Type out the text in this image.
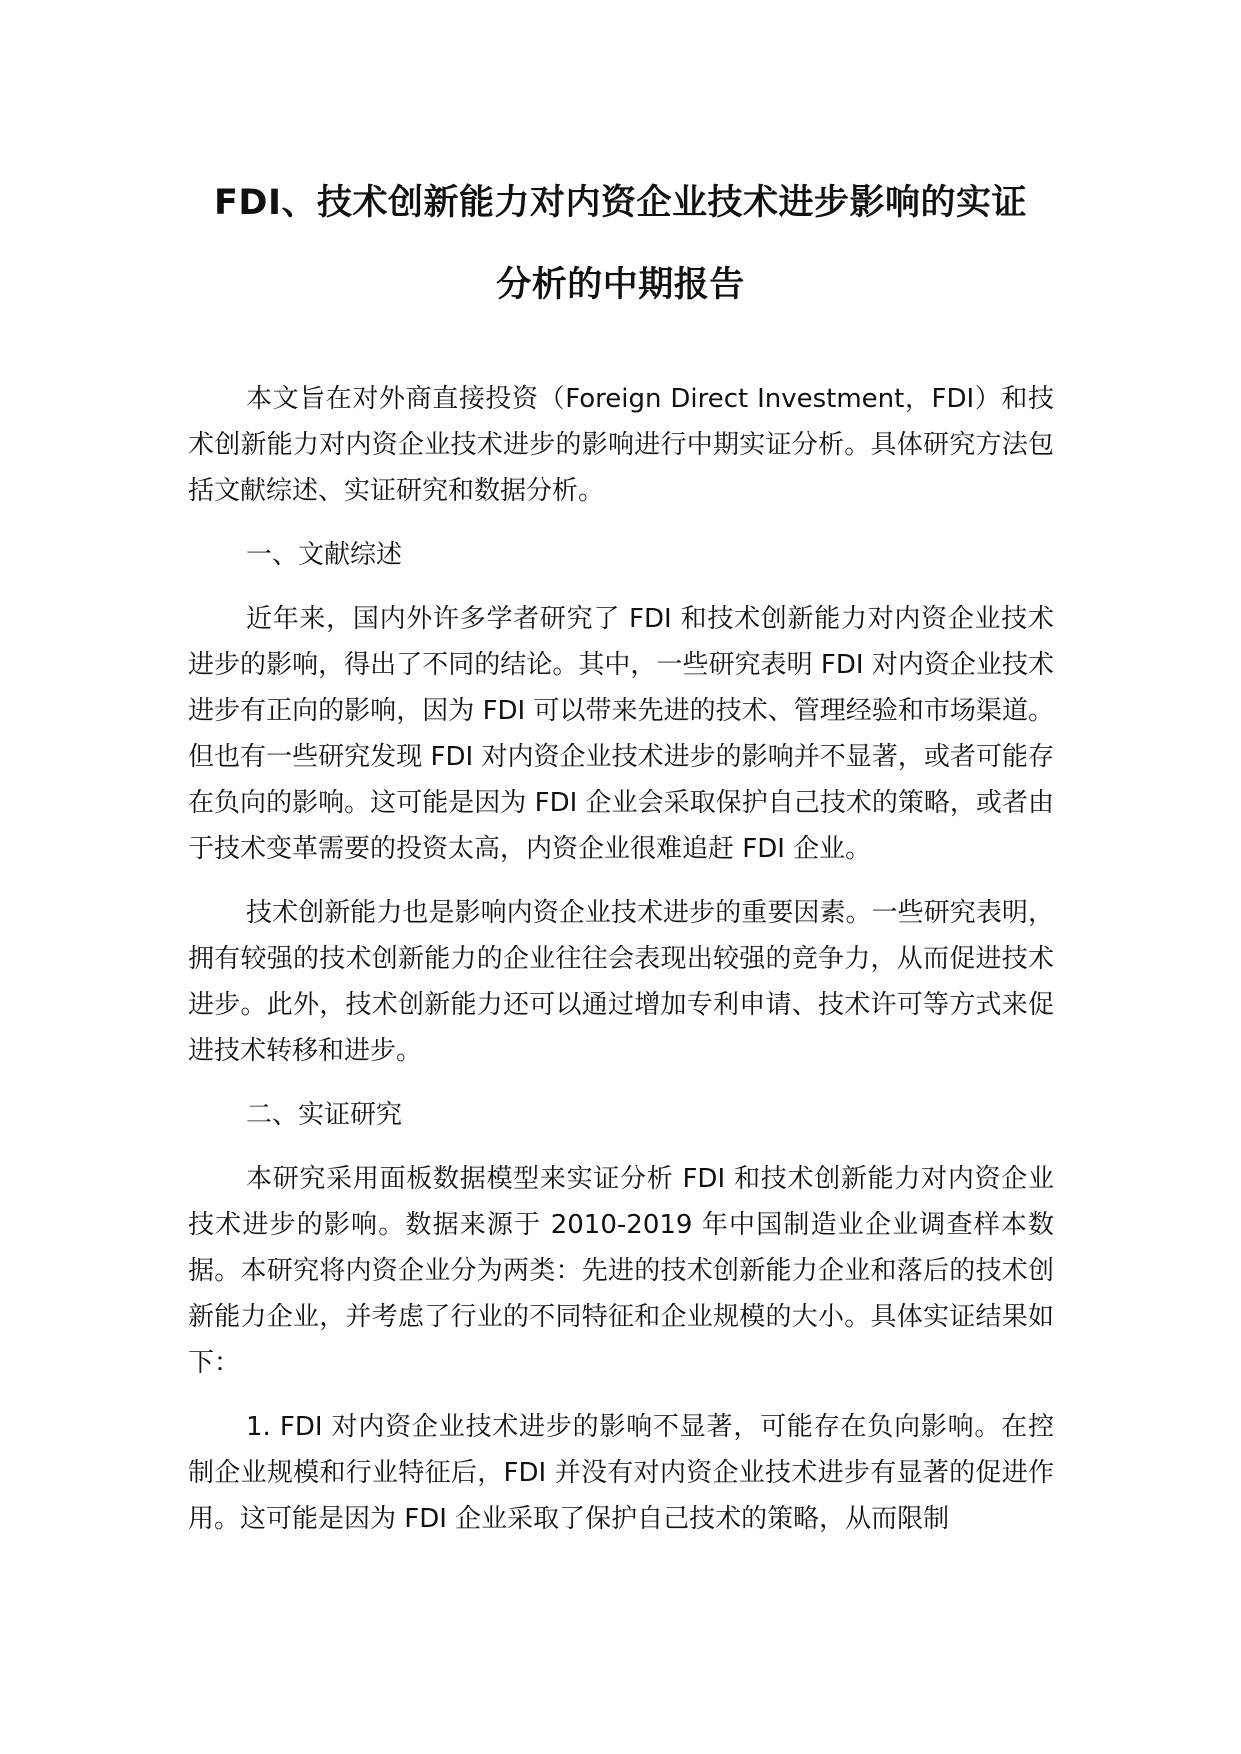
FDI、技术创新能力对内资企业技术进步影响的实证
分析的中期报告

本文旨在对外商直接投资（Foreign Direct Investment，FDI）和技术创新能力对内资企业技术进步的影响进行中期实证分析。具体研究方法包括文献综述、实证研究和数据分析。

一、文献综述

近年来，国内外许多学者研究了 FDI 和技术创新能力对内资企业技术进步的影响，得出了不同的结论。其中，一些研究表明 FDI 对内资企业技术进步有正向的影响，因为 FDI 可以带来先进的技术、管理经验和市场渠道。但也有一些研究发现 FDI 对内资企业技术进步的影响并不显著，或者可能存在负向的影响。这可能是因为 FDI 企业会采取保护自己技术的策略，或者由于技术变革需要的投资太高，内资企业很难追赶 FDI 企业。

技术创新能力也是影响内资企业技术进步的重要因素。一些研究表明，拥有较强的技术创新能力的企业往往会表现出较强的竞争力，从而促进技术进步。此外，技术创新能力还可以通过增加专利申请、技术许可等方式来促进技术转移和进步。

二、实证研究

本研究采用面板数据模型来实证分析 FDI 和技术创新能力对内资企业技术进步的影响。数据来源于 2010-2019 年中国制造业企业调查样本数据。本研究将内资企业分为两类：先进的技术创新能力企业和落后的技术创新能力企业，并考虑了行业的不同特征和企业规模的大小。具体实证结果如下：

1. FDI 对内资企业技术进步的影响不显著，可能存在负向影响。在控制企业规模和行业特征后，FDI 并没有对内资企业技术进步有显著的促进作用。这可能是因为 FDI 企业采取了保护自己技术的策略，从而限制
